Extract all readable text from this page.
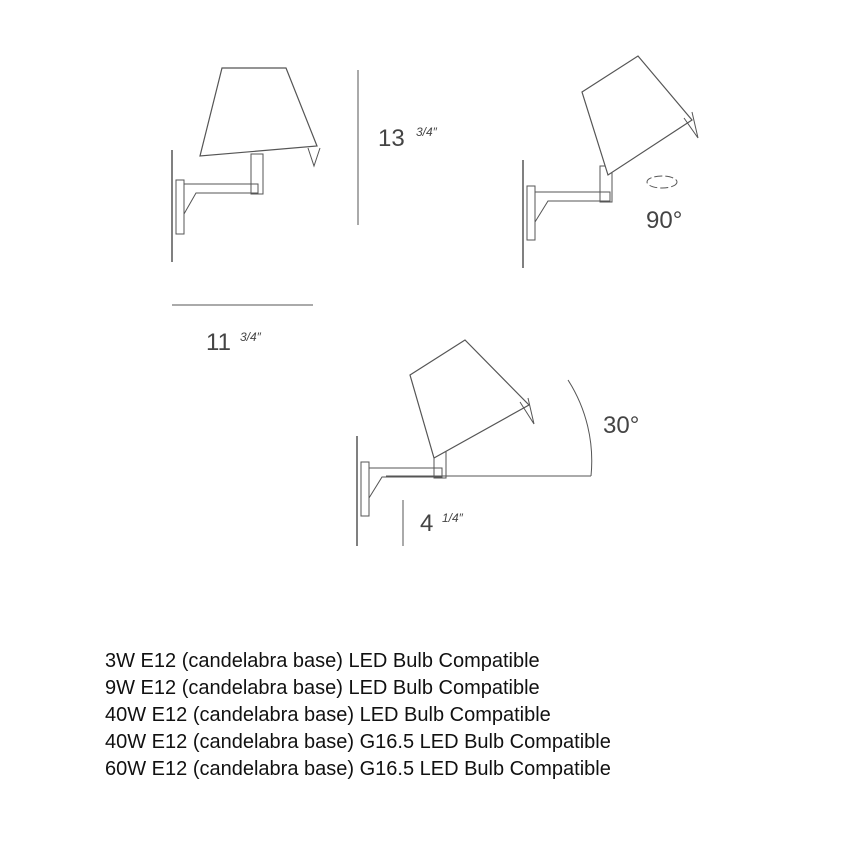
13 3/4″
11 3/4″
90°
30°
4 1/4″
3W E12 (candelabra base) LED Bulb Compatible
9W E12 (candelabra base) LED Bulb Compatible
40W E12 (candelabra base) LED Bulb Compatible
40W E12 (candelabra base) G16.5 LED Bulb Compatible
60W E12 (candelabra base) G16.5 LED Bulb Compatible
